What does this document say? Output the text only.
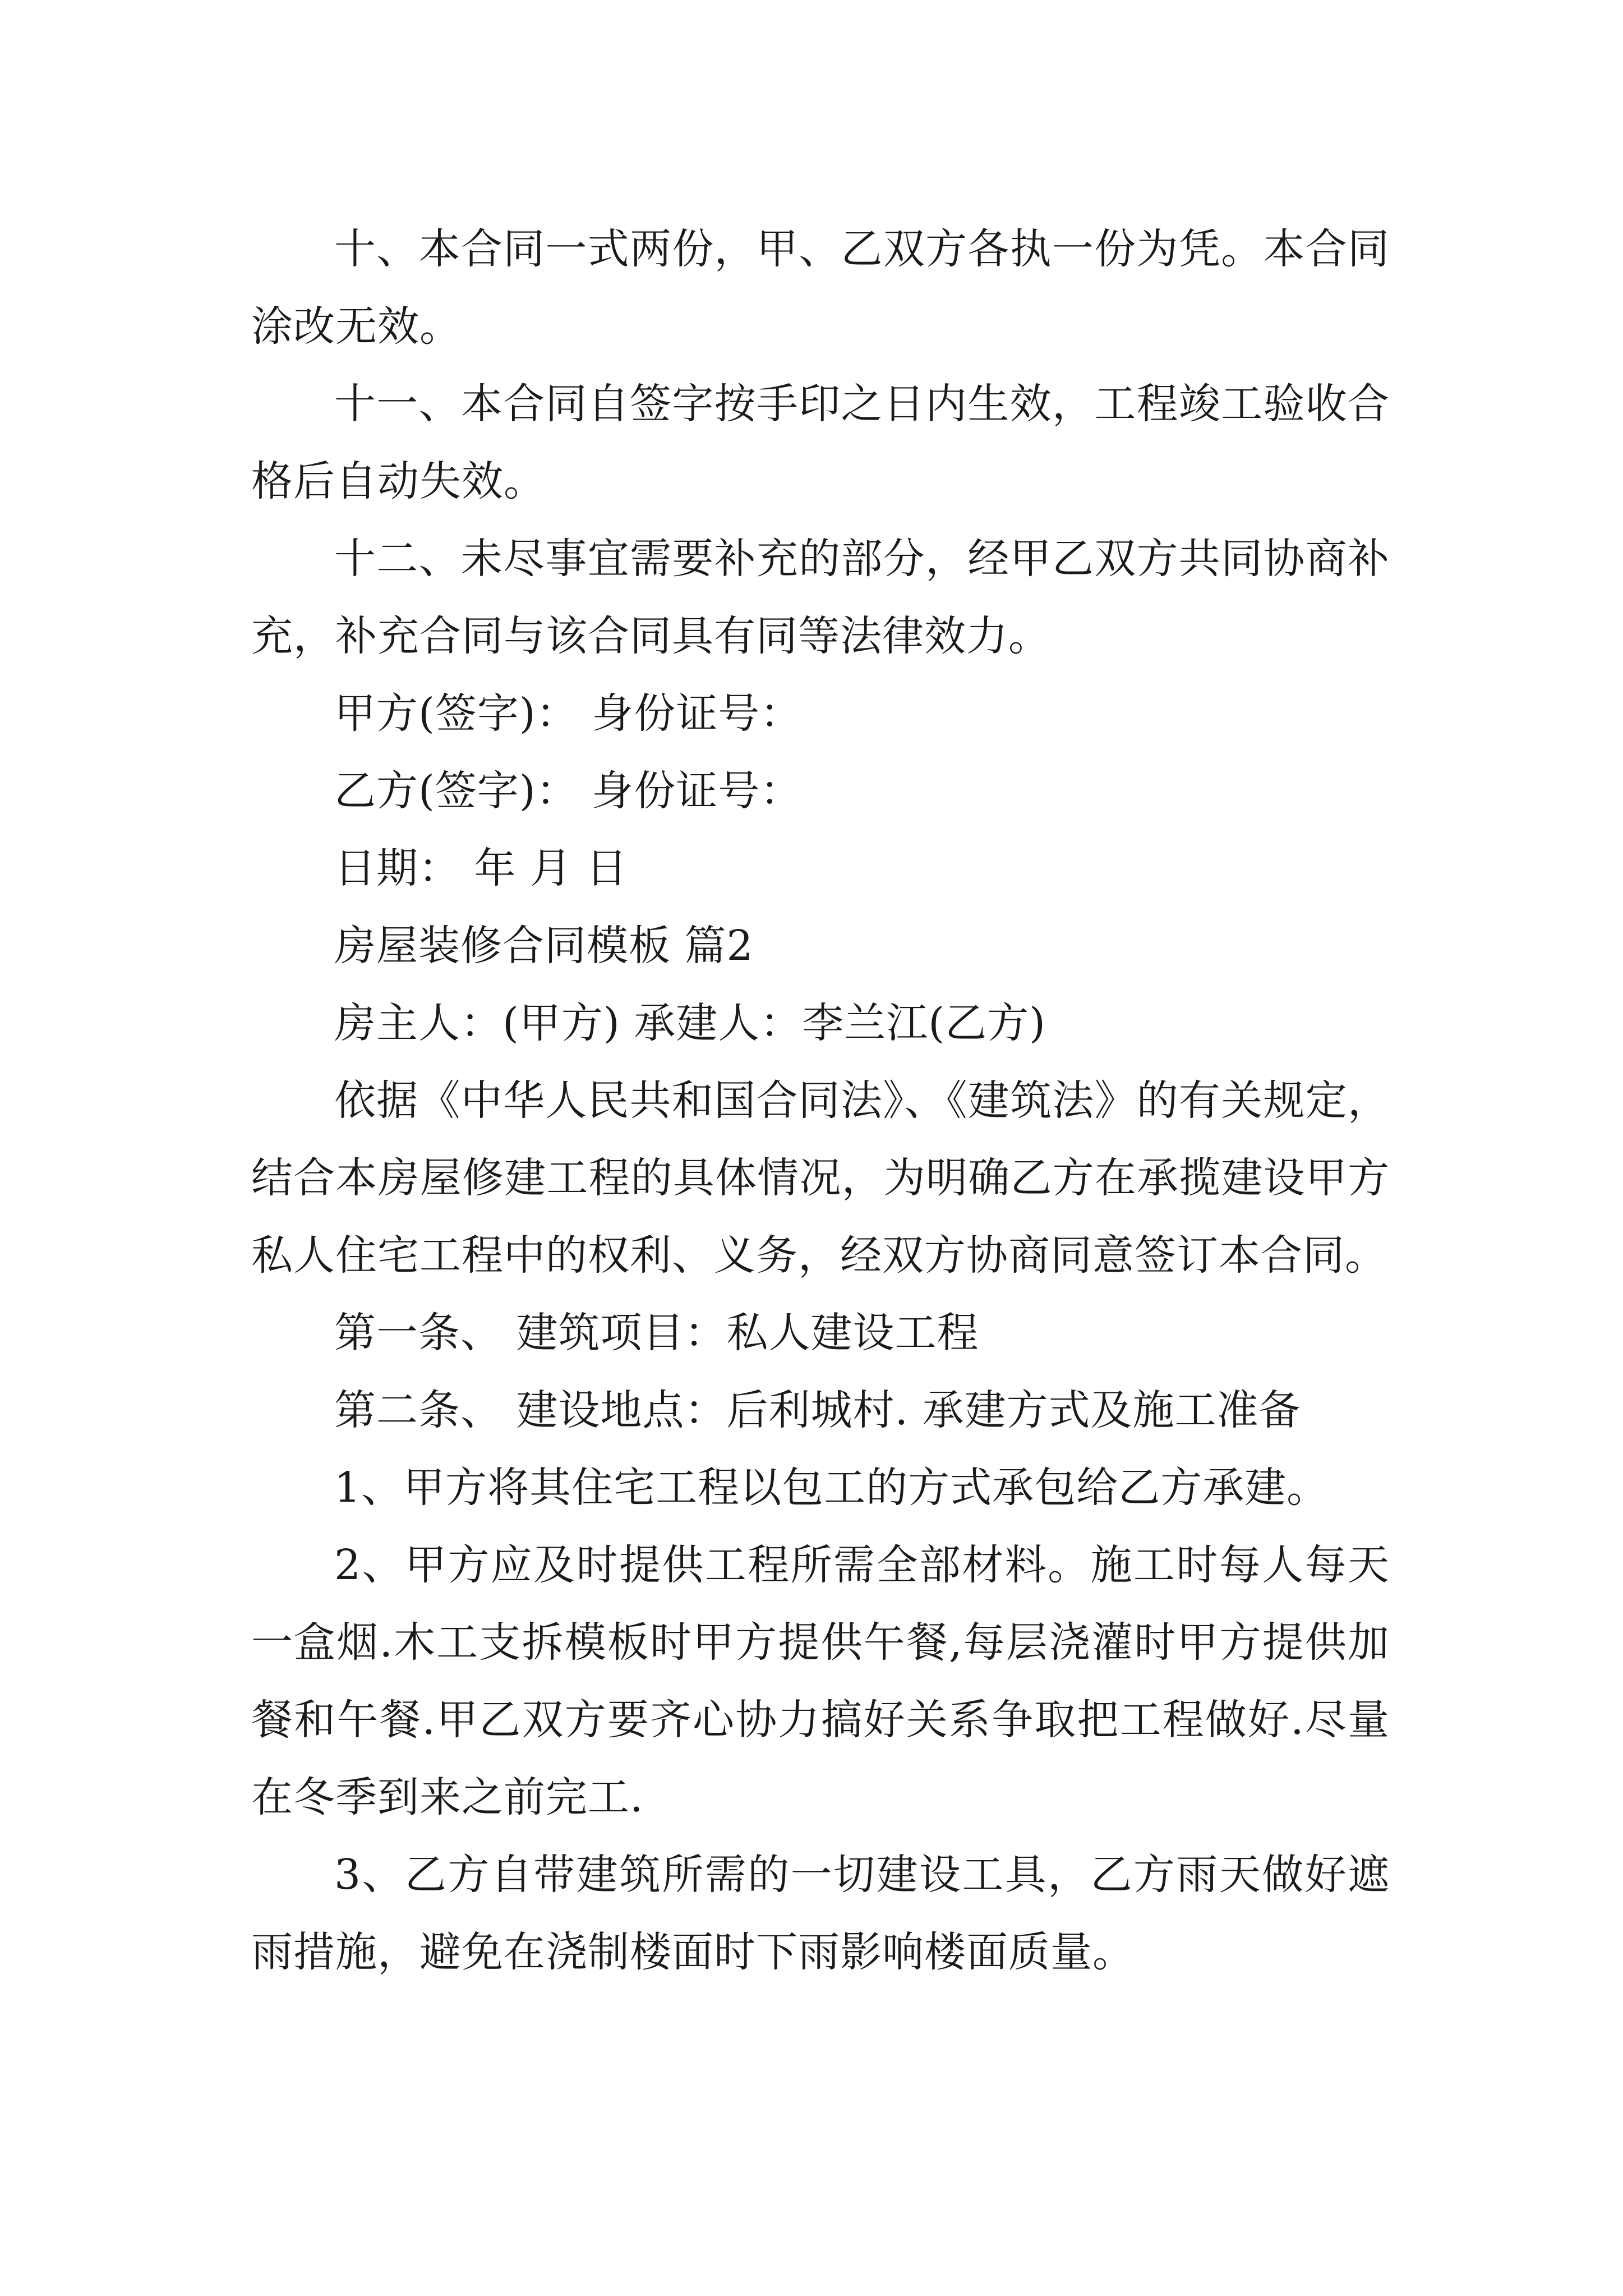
十、本合同一式两份，甲、乙双方各执一份为凭。本合同涂改无效。

十一、本合同自签字按手印之日内生效，工程竣工验收合格后自动失效。

十二、未尽事宜需要补充的部分，经甲乙双方共同协商补充，补充合同与该合同具有同等法律效力。

甲方(签字)： 身份证号：

乙方(签字)： 身份证号：

日期： 年 月 日

房屋装修合同模板 篇2

房主人：(甲方) 承建人：李兰江(乙方)

依据《中华人民共和国合同法》、《建筑法》的有关规定，结合本房屋修建工程的具体情况，为明确乙方在承揽建设甲方私人住宅工程中的权利、义务，经双方协商同意签订本合同。

第一条、 建筑项目：私人建设工程

第二条、 建设地点：后利城村. 承建方式及施工准备

1、甲方将其住宅工程以包工的方式承包给乙方承建。

2、甲方应及时提供工程所需全部材料。施工时每人每天一盒烟.木工支拆模板时甲方提供午餐,每层浇灌时甲方提供加餐和午餐.甲乙双方要齐心协力搞好关系争取把工程做好.尽量在冬季到来之前完工.

3、乙方自带建筑所需的一切建设工具，乙方雨天做好遮雨措施，避免在浇制楼面时下雨影响楼面质量。
